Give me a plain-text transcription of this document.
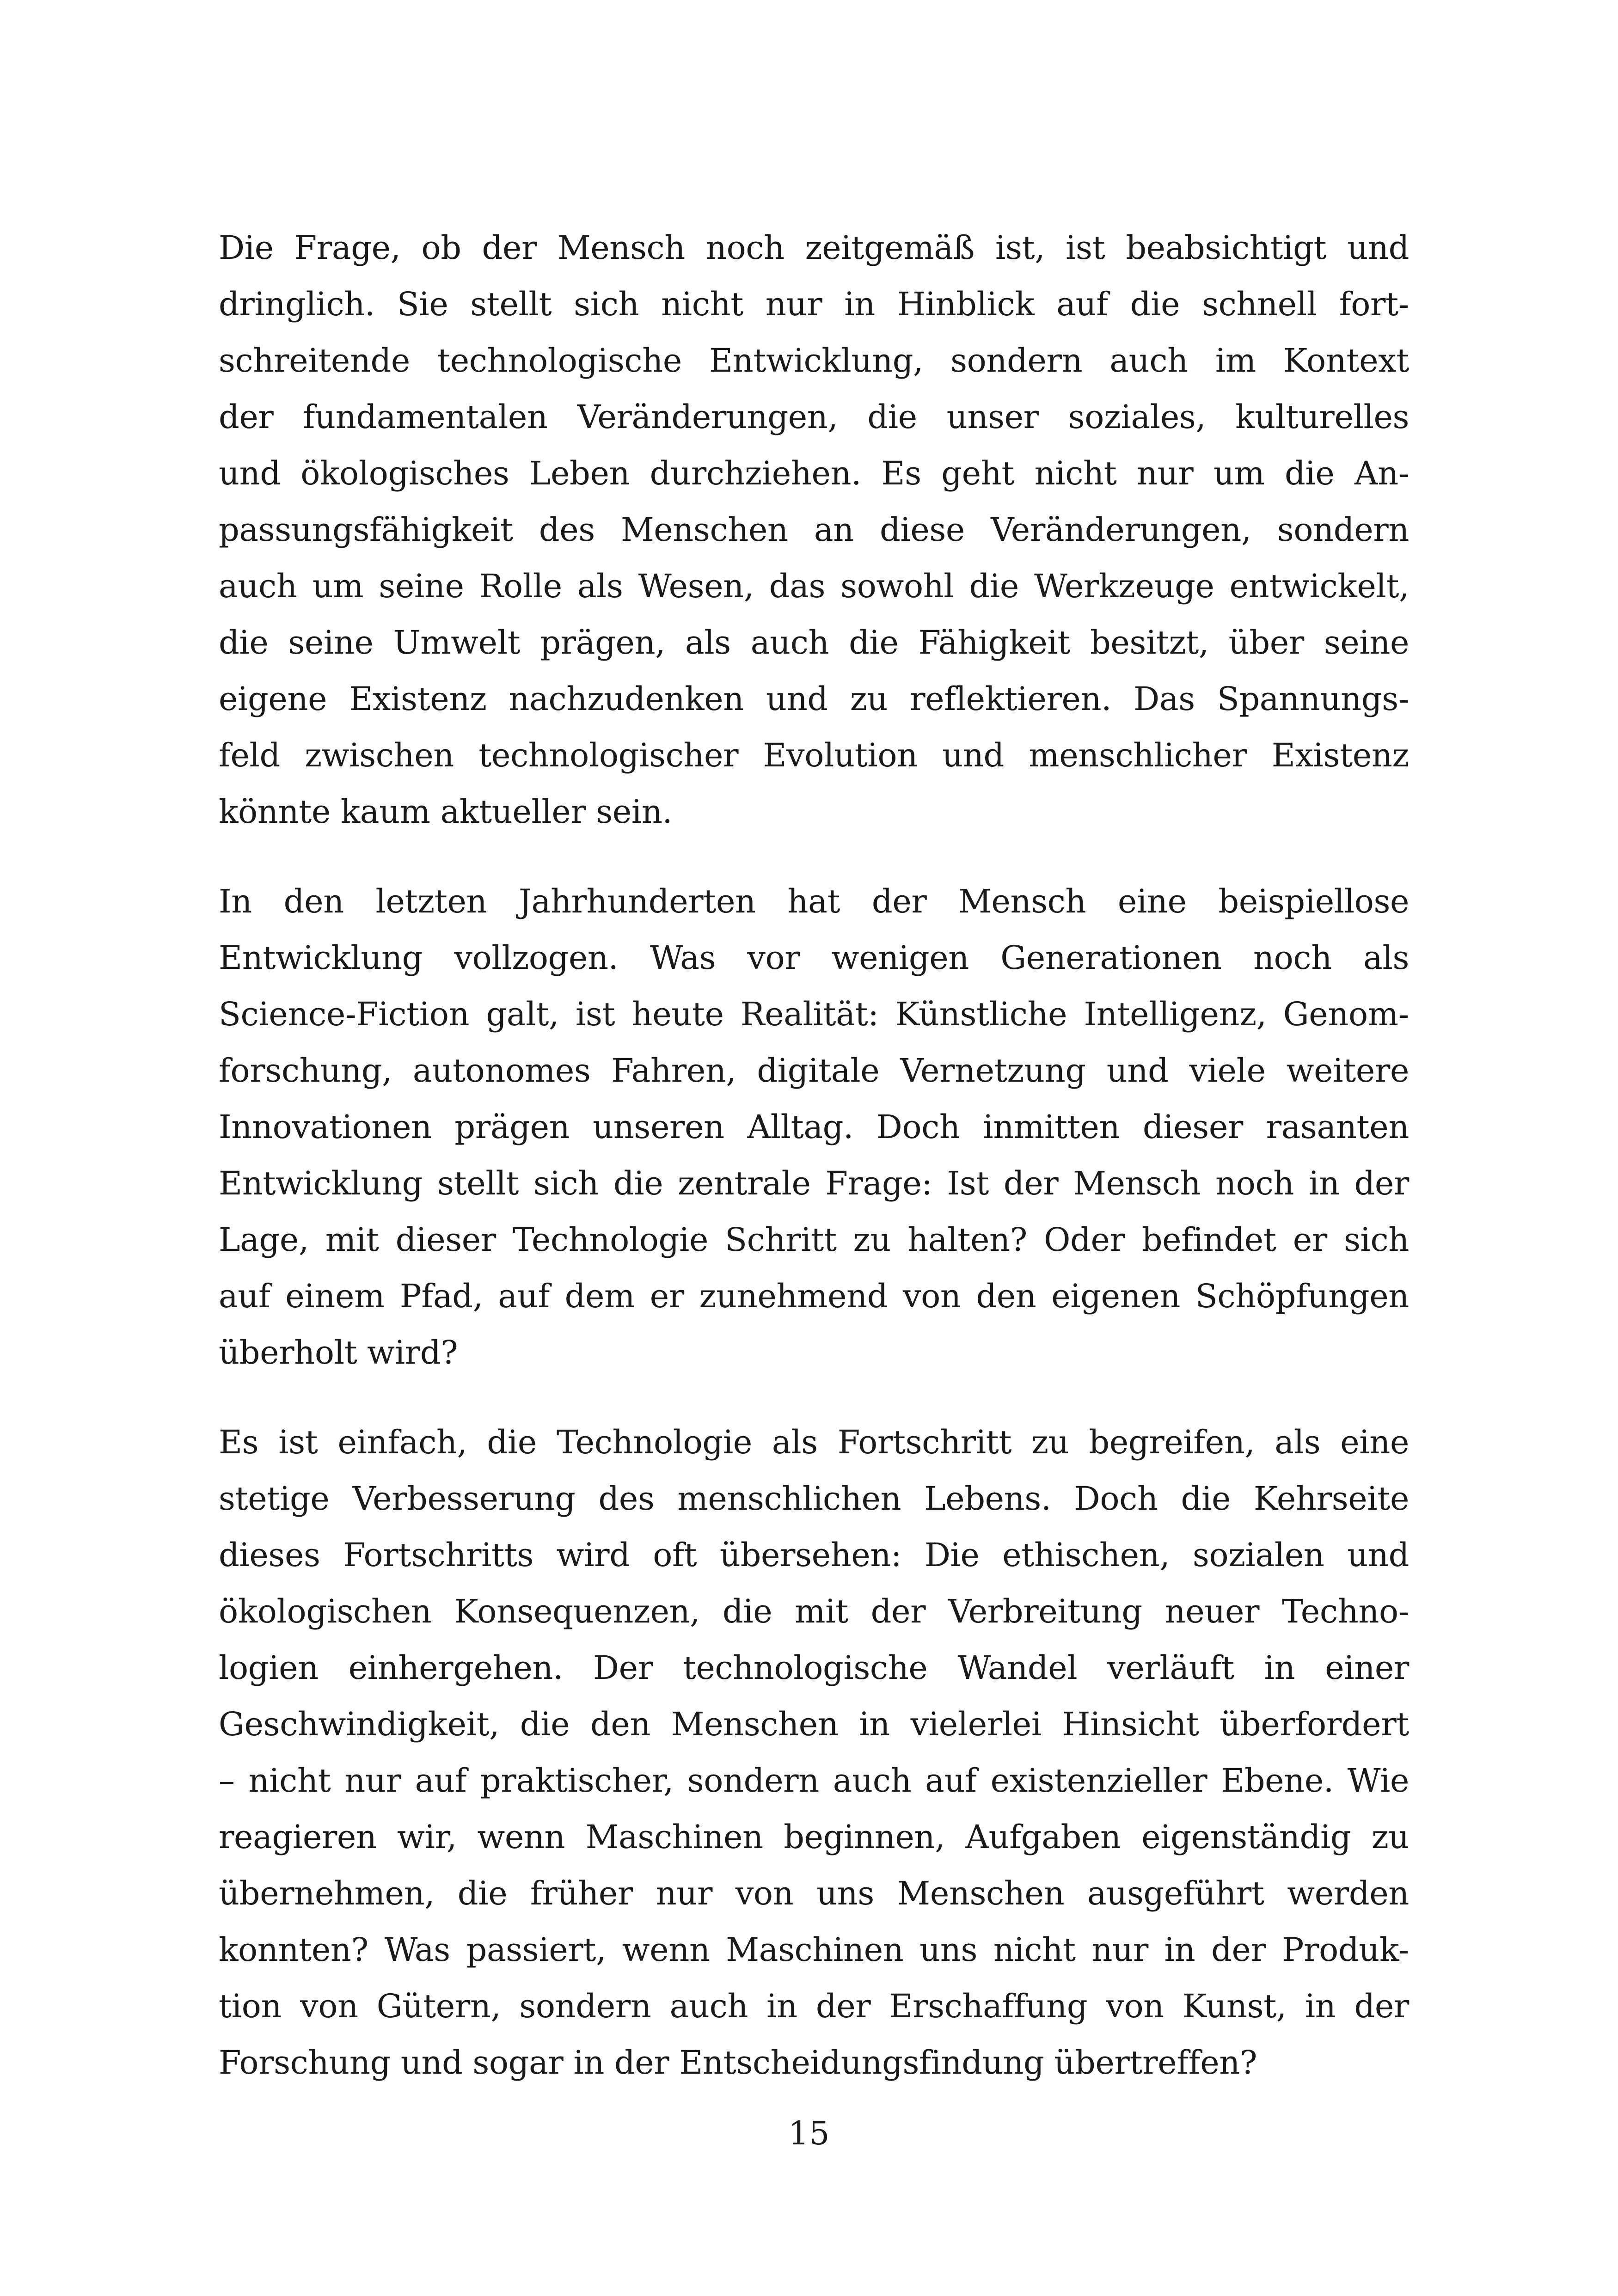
Die Frage, ob der Mensch noch zeitgemäß ist, ist beabsichtigt und
dringlich. Sie stellt sich nicht nur in Hinblick auf die schnell fort-
schreitende technologische Entwicklung, sondern auch im Kontext
der fundamentalen Veränderungen, die unser soziales, kulturelles
und ökologisches Leben durchziehen. Es geht nicht nur um die An-
passungsfähigkeit des Menschen an diese Veränderungen, sondern
auch um seine Rolle als Wesen, das sowohl die Werkzeuge entwickelt,
die seine Umwelt prägen, als auch die Fähigkeit besitzt, über seine
eigene Existenz nachzudenken und zu reflektieren. Das Spannungs-
feld zwischen technologischer Evolution und menschlicher Existenz
könnte kaum aktueller sein.

In den letzten Jahrhunderten hat der Mensch eine beispiellose
Entwicklung vollzogen. Was vor wenigen Generationen noch als
Science-Fiction galt, ist heute Realität: Künstliche Intelligenz, Genom-
forschung, autonomes Fahren, digitale Vernetzung und viele weitere
Innovationen prägen unseren Alltag. Doch inmitten dieser rasanten
Entwicklung stellt sich die zentrale Frage: Ist der Mensch noch in der
Lage, mit dieser Technologie Schritt zu halten? Oder befindet er sich
auf einem Pfad, auf dem er zunehmend von den eigenen Schöpfungen
überholt wird?

Es ist einfach, die Technologie als Fortschritt zu begreifen, als eine
stetige Verbesserung des menschlichen Lebens. Doch die Kehrseite
dieses Fortschritts wird oft übersehen: Die ethischen, sozialen und
ökologischen Konsequenzen, die mit der Verbreitung neuer Techno-
logien einhergehen. Der technologische Wandel verläuft in einer
Geschwindigkeit, die den Menschen in vielerlei Hinsicht überfordert
– nicht nur auf praktischer, sondern auch auf existenzieller Ebene. Wie
reagieren wir, wenn Maschinen beginnen, Aufgaben eigenständig zu
übernehmen, die früher nur von uns Menschen ausgeführt werden
konnten? Was passiert, wenn Maschinen uns nicht nur in der Produk-
tion von Gütern, sondern auch in der Erschaffung von Kunst, in der
Forschung und sogar in der Entscheidungsfindung übertreffen?

15
